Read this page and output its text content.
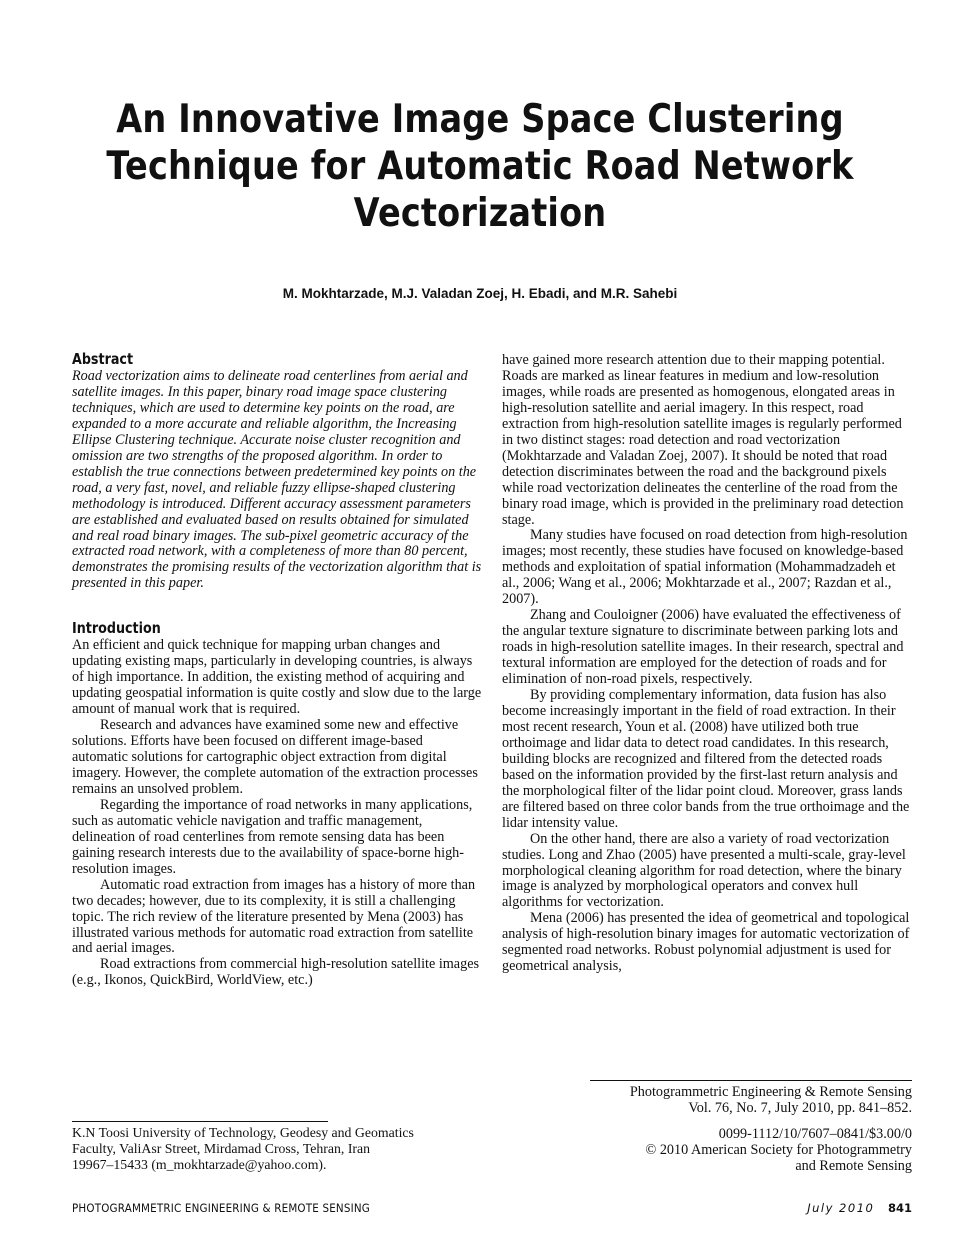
An Innovative Image Space Clustering
Technique for Automatic Road Network
Vectorization
M. Mokhtarzade, M.J. Valadan Zoej, H. Ebadi, and M.R. Sahebi
Abstract

Road vectorization aims to delineate road centerlines from aerial and satellite images. In this paper, binary road image space clustering techniques, which are used to determine key points on the road, are expanded to a more accurate and reliable algorithm, the Increasing Ellipse Clustering technique. Accurate noise cluster recognition and omission are two strengths of the proposed algorithm. In order to establish the true connections between predetermined key points on the road, a very fast, novel, and reliable fuzzy ellipse-shaped clustering methodology is introduced. Different accuracy assessment parameters are established and evaluated based on results obtained for simulated and real road binary images. The sub-pixel geometric accuracy of the extracted road network, with a completeness of more than 80 percent, demonstrates the promising results of the vectorization algorithm that is presented in this paper.

Introduction

An efficient and quick technique for mapping urban changes and updating existing maps, particularly in developing countries, is always of high importance. In addition, the existing method of acquiring and updating geospatial information is quite costly and slow due to the large amount of manual work that is required.

Research and advances have examined some new and effective solutions. Efforts have been focused on different image-based automatic solutions for cartographic object extraction from digital imagery. However, the complete automation of the extraction processes remains an unsolved problem.

Regarding the importance of road networks in many applications, such as automatic vehicle navigation and traffic management, delineation of road centerlines from remote sensing data has been gaining research interests due to the availability of space-borne high-resolution images.

Automatic road extraction from images has a history of more than two decades; however, due to its complexity, it is still a challenging topic. The rich review of the literature presented by Mena (2003) has illustrated various methods for automatic road extraction from satellite and aerial images.

Road extractions from commercial high-resolution satellite images (e.g., Ikonos, QuickBird, WorldView, etc.)

have gained more research attention due to their mapping potential. Roads are marked as linear features in medium and low-resolution images, while roads are presented as homogenous, elongated areas in high-resolution satellite and aerial imagery. In this respect, road extraction from high-resolution satellite images is regularly performed in two distinct stages: road detection and road vectorization (Mokhtarzade and Valadan Zoej, 2007). It should be noted that road detection discriminates between the road and the background pixels while road vectorization delineates the centerline of the road from the binary road image, which is provided in the preliminary road detection stage.

Many studies have focused on road detection from high-resolution images; most recently, these studies have focused on knowledge-based methods and exploitation of spatial information (Mohammadzadeh et al., 2006; Wang et al., 2006; Mokhtarzade et al., 2007; Razdan et al., 2007).

Zhang and Couloigner (2006) have evaluated the effectiveness of the angular texture signature to discriminate between parking lots and roads in high-resolution satellite images. In their research, spectral and textural information are employed for the detection of roads and for elimination of non-road pixels, respectively.

By providing complementary information, data fusion has also become increasingly important in the field of road extraction. In their most recent research, Youn et al. (2008) have utilized both true orthoimage and lidar data to detect road candidates. In this research, building blocks are recognized and filtered from the detected roads based on the information provided by the first-last return analysis and the morphological filter of the lidar point cloud. Moreover, grass lands are filtered based on three color bands from the true orthoimage and the lidar intensity value.

On the other hand, there are also a variety of road vectorization studies. Long and Zhao (2005) have presented a multi-scale, gray-level morphological cleaning algorithm for road detection, where the binary image is analyzed by morphological operators and convex hull algorithms for vectorization.

Mena (2006) has presented the idea of geometrical and topological analysis of high-resolution binary images for automatic vectorization of segmented road networks. Robust polynomial adjustment is used for geometrical analysis,

Photogrammetric Engineering & Remote Sensing
Vol. 76, No. 7, July 2010, pp. 841–852.
0099-1112/10/7607–0841/$3.00/0
© 2010 American Society for Photogrammetry
and Remote Sensing
K.N Toosi University of Technology, Geodesy and Geomatics
Faculty, ValiAsr Street, Mirdamad Cross, Tehran, Iran
19967–15433 (m_mokhtarzade@yahoo.com).
PHOTOGRAMMETRIC ENGINEERING & REMOTE SENSING	July 2010 841
